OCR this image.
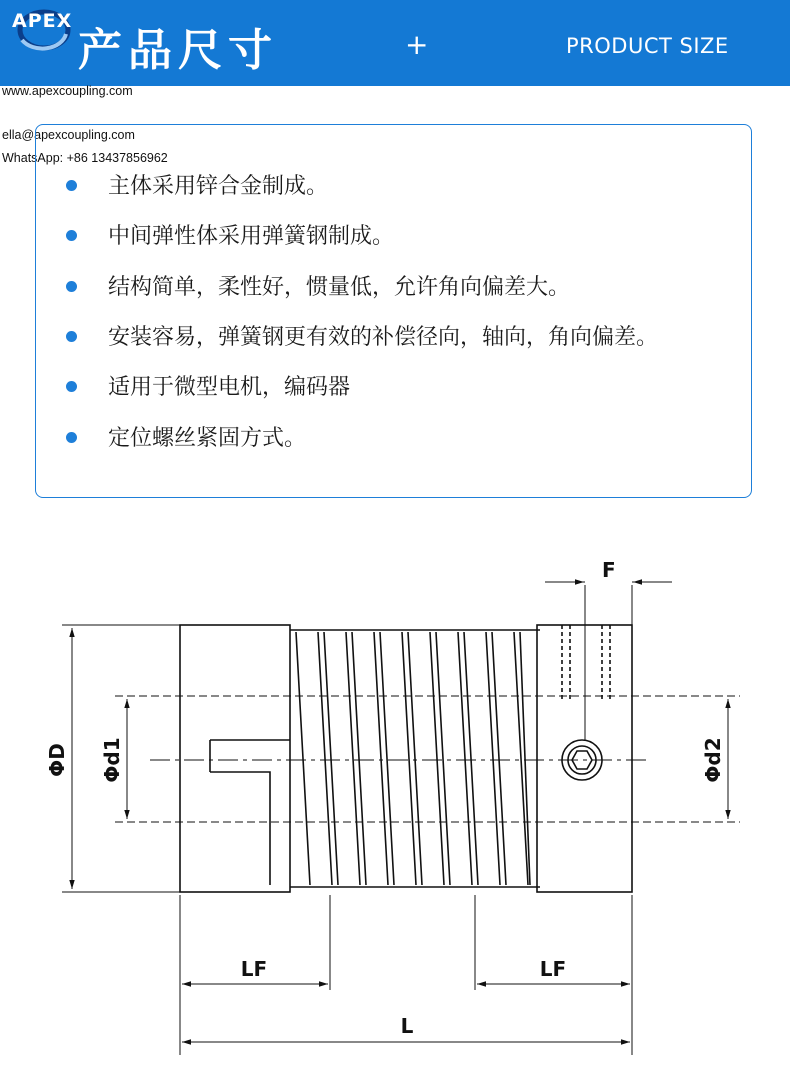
APEX
产品尺寸	+	PRODUCT SIZE
www.apexcoupling.com
ella@apexcoupling.com
WhatsApp: +86 13437856962
主体采用锌合金制成。
中间弹性体采用弹簧钢制成。
结构简单，柔性好，惯量低，允许角向偏差大。
安装容易，弹簧钢更有效的补偿径向，轴向，角向偏差。
适用于微型电机，编码器
定位螺丝紧固方式。
F
ΦD Φd1	Φd2
LF	LF
L
